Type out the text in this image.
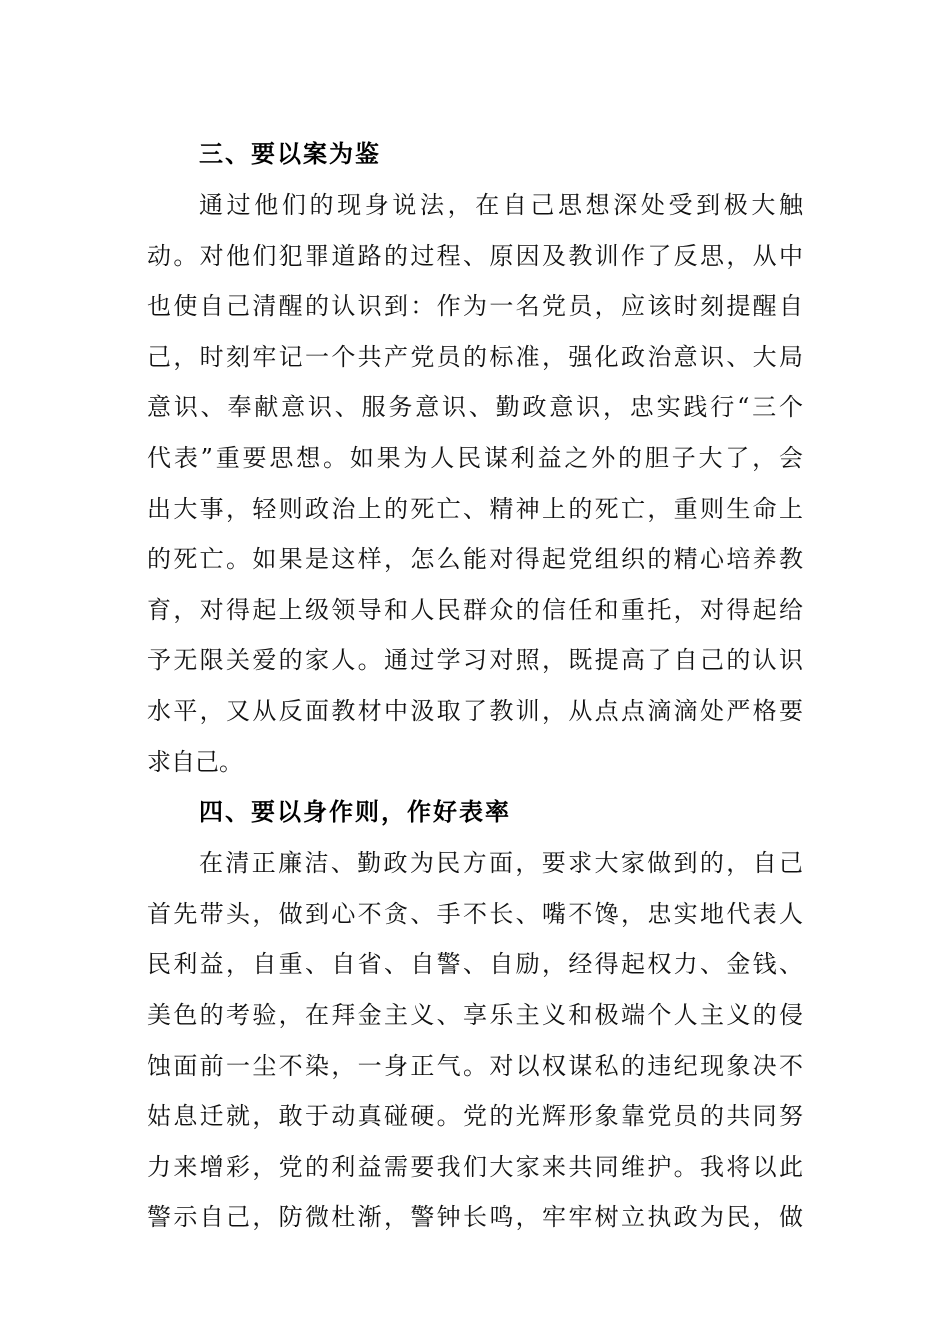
三、要以案为鉴
通过他们的现身说法，在自己思想深处受到极大触
动。对他们犯罪道路的过程、原因及教训作了反思，从中
也使自己清醒的认识到：作为一名党员，应该时刻提醒自
己，时刻牢记一个共产党员的标准，强化政治意识、大局
意识、奉献意识、服务意识、勤政意识，忠实践行“三个
代表”重要思想。如果为人民谋利益之外的胆子大了，会
出大事，轻则政治上的死亡、精神上的死亡，重则生命上
的死亡。如果是这样，怎么能对得起党组织的精心培养教
育，对得起上级领导和人民群众的信任和重托，对得起给
予无限关爱的家人。通过学习对照，既提高了自己的认识
水平，又从反面教材中汲取了教训，从点点滴滴处严格要
求自己。
四、要以身作则，作好表率
在清正廉洁、勤政为民方面，要求大家做到的，自己
首先带头，做到心不贪、手不长、嘴不馋，忠实地代表人
民利益，自重、自省、自警、自励，经得起权力、金钱、
美色的考验，在拜金主义、享乐主义和极端个人主义的侵
蚀面前一尘不染，一身正气。对以权谋私的违纪现象决不
姑息迁就，敢于动真碰硬。党的光辉形象靠党员的共同努
力来增彩，党的利益需要我们大家来共同维护。我将以此
警示自己，防微杜渐，警钟长鸣，牢牢树立执政为民，做
